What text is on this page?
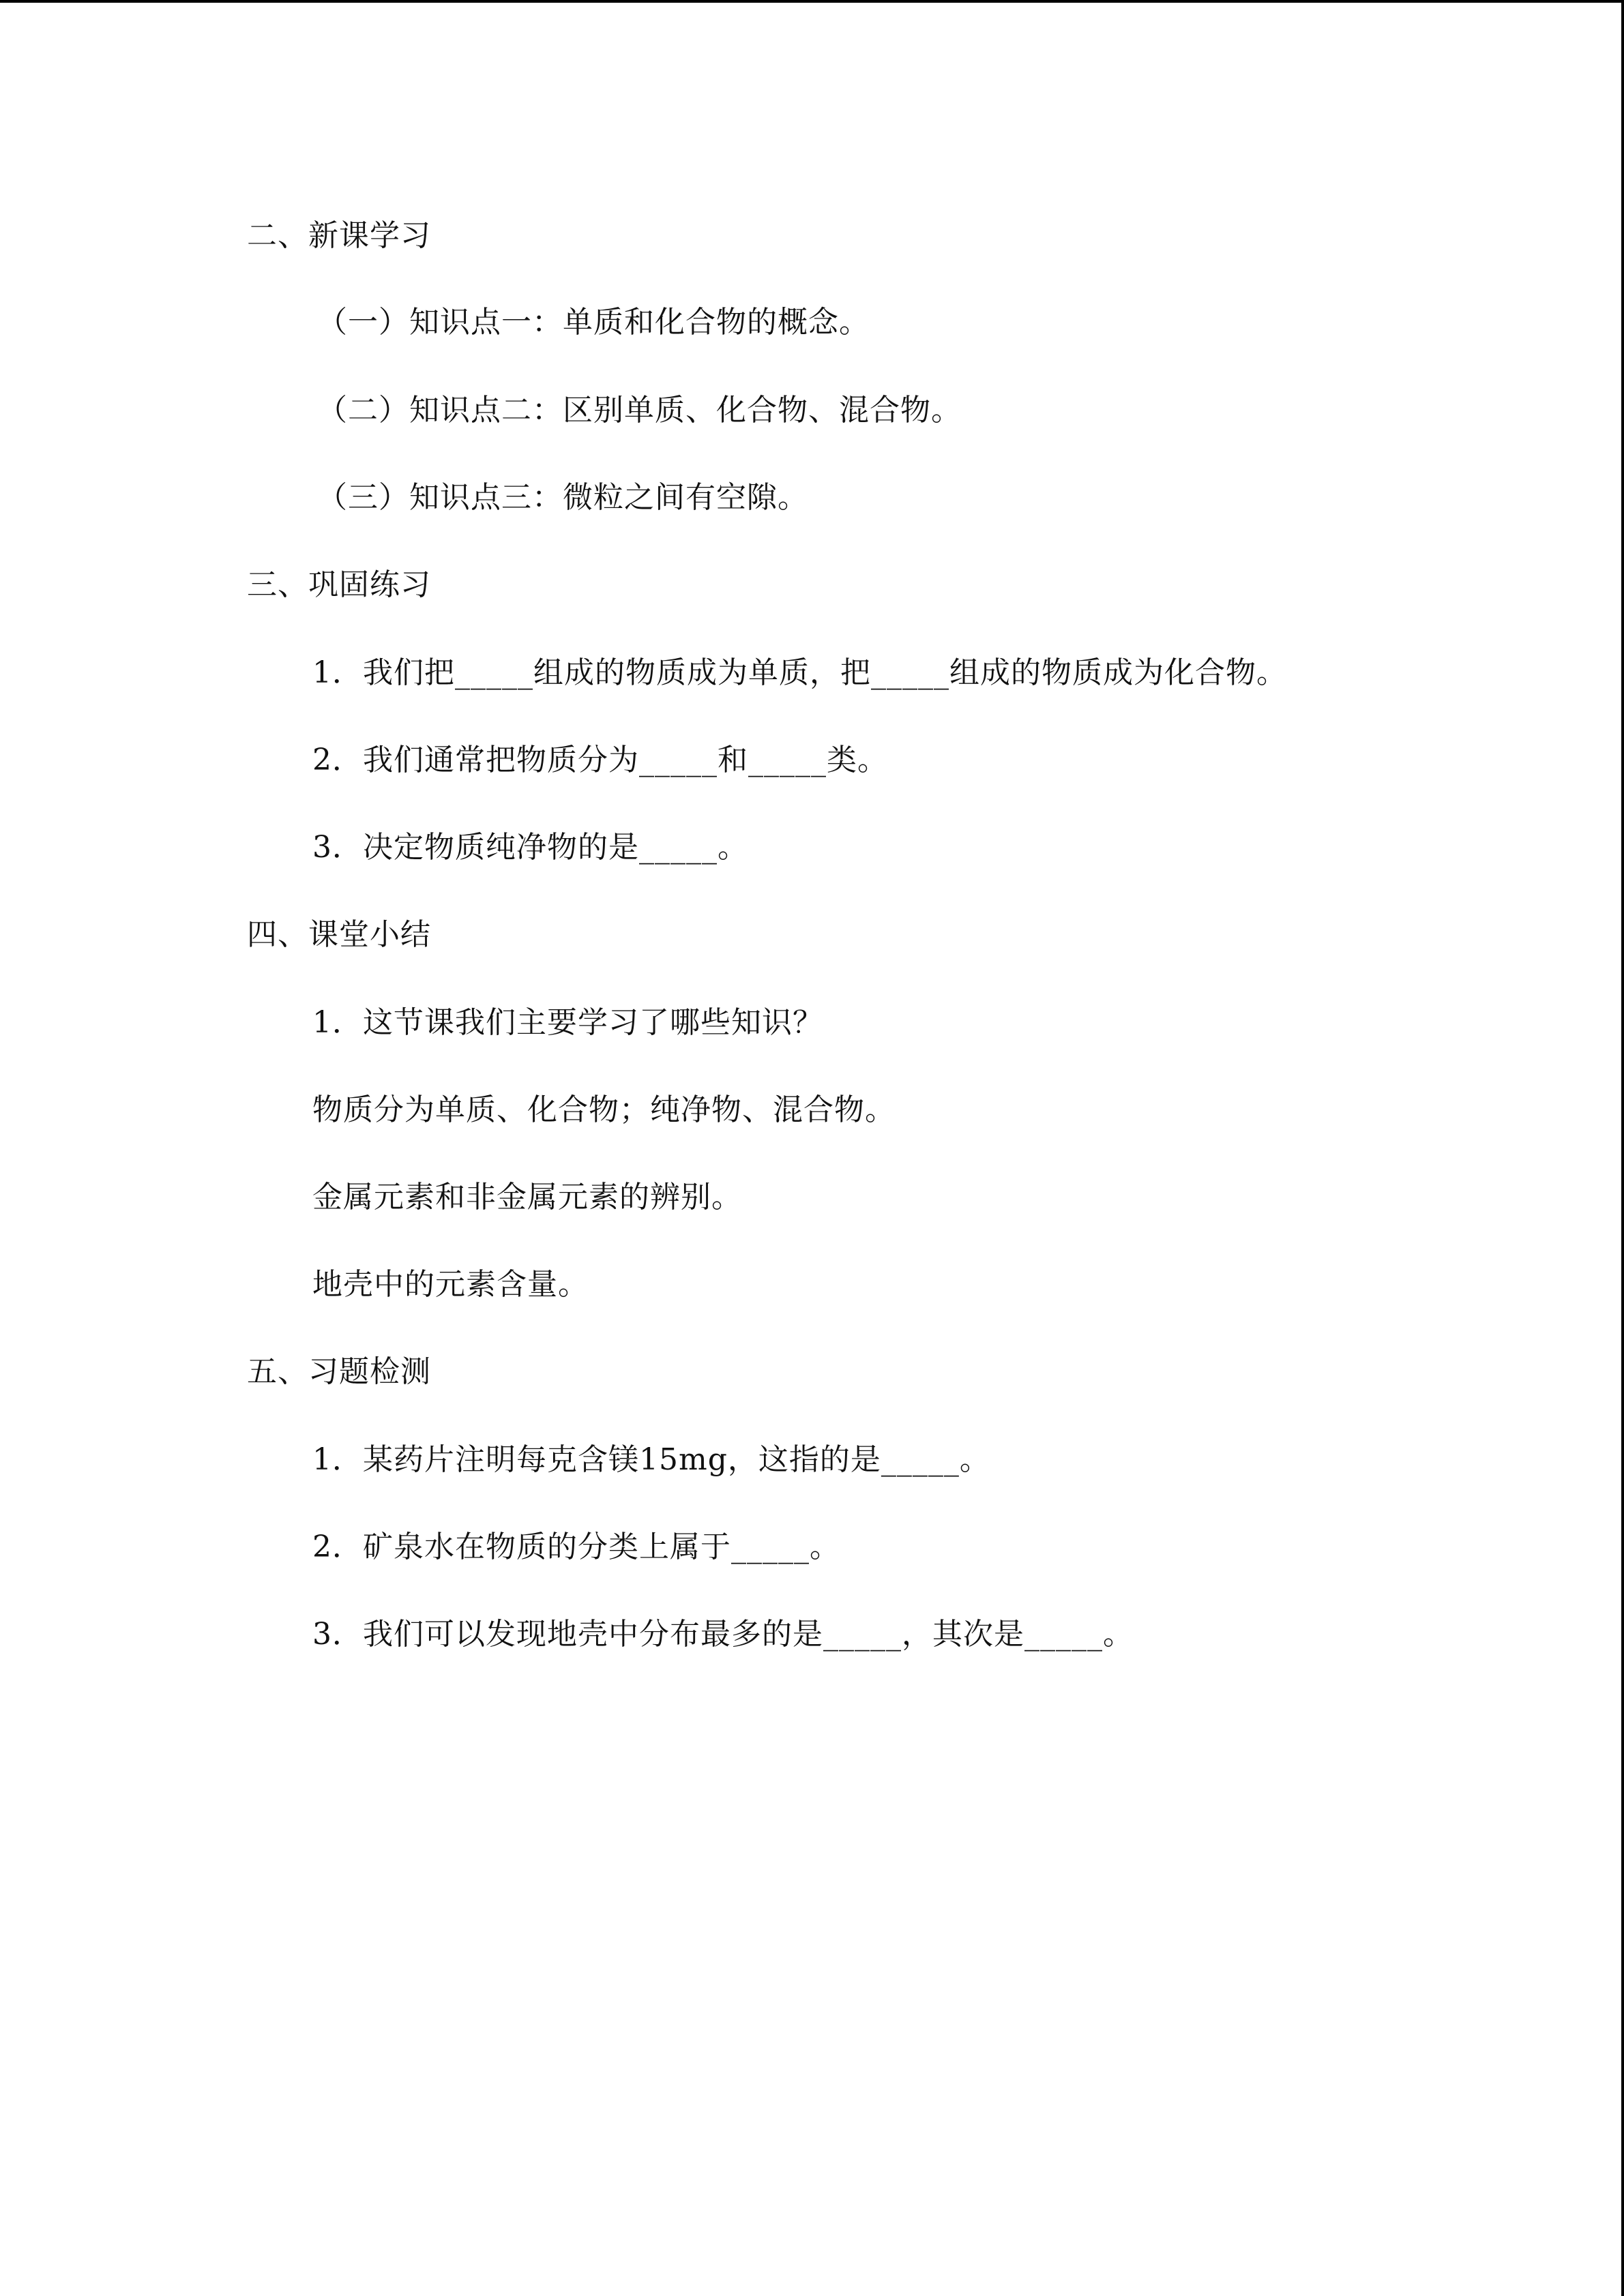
二、新课学习
（一）知识点一：单质和化合物的概念。
（二）知识点二：区别单质、化合物、混合物。
（三）知识点三：微粒之间有空隙。
三、巩固练习
1．我们把_____组成的物质成为单质，把_____组成的物质成为化合物。
2．我们通常把物质分为_____和_____类。
3．决定物质纯净物的是_____。
四、课堂小结
1．这节课我们主要学习了哪些知识？
物质分为单质、化合物；纯净物、混合物。
金属元素和非金属元素的辨别。
地壳中的元素含量。
五、习题检测
1．某药片注明每克含镁15mg，这指的是_____。
2．矿泉水在物质的分类上属于_____。
3．我们可以发现地壳中分布最多的是_____，其次是_____。
